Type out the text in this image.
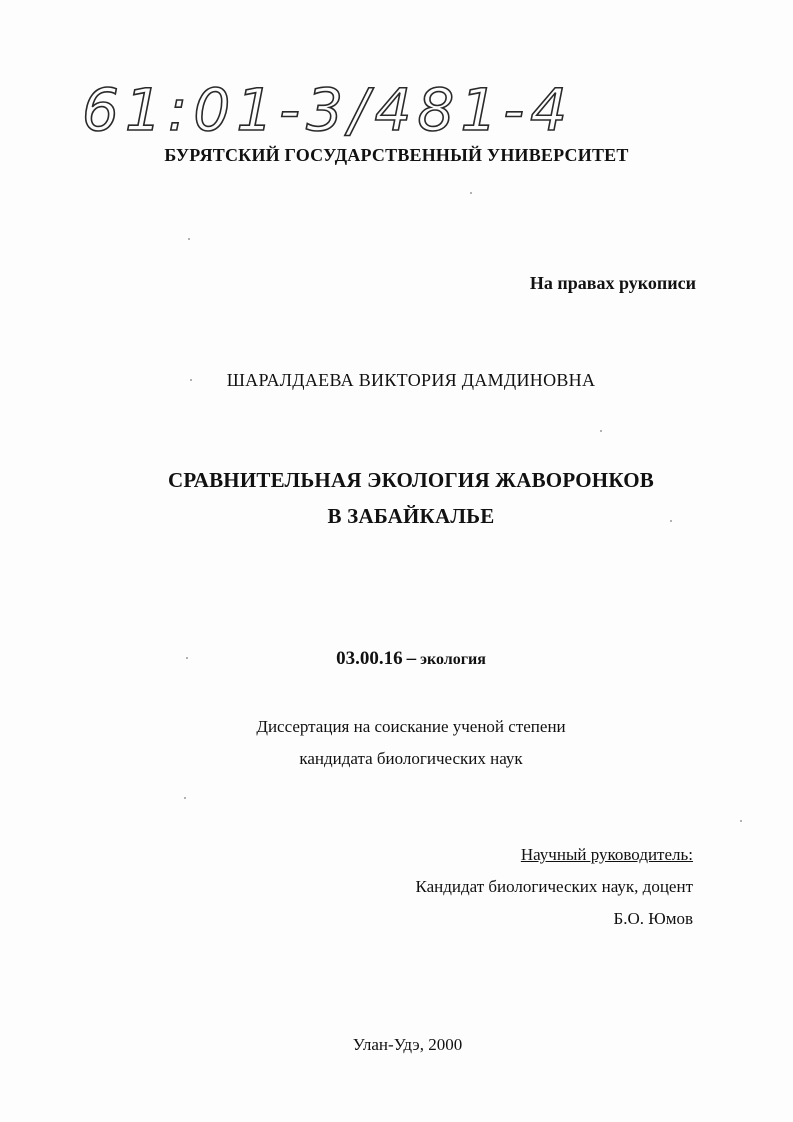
61:01-3/481-4
БУРЯТСКИЙ ГОСУДАРСТВЕННЫЙ УНИВЕРСИТЕТ
На правах рукописи
ШАРАЛДАЕВА ВИКТОРИЯ ДАМДИНОВНА
СРАВНИТЕЛЬНАЯ ЭКОЛОГИЯ ЖАВОРОНКОВ
В ЗАБАЙКАЛЬЕ
03.00.16 – экология
Диссертация на соискание ученой степени
кандидата биологических наук
Научный руководитель:
Кандидат биологических наук, доцент
Б.О. Юмов
Улан-Удэ, 2000
